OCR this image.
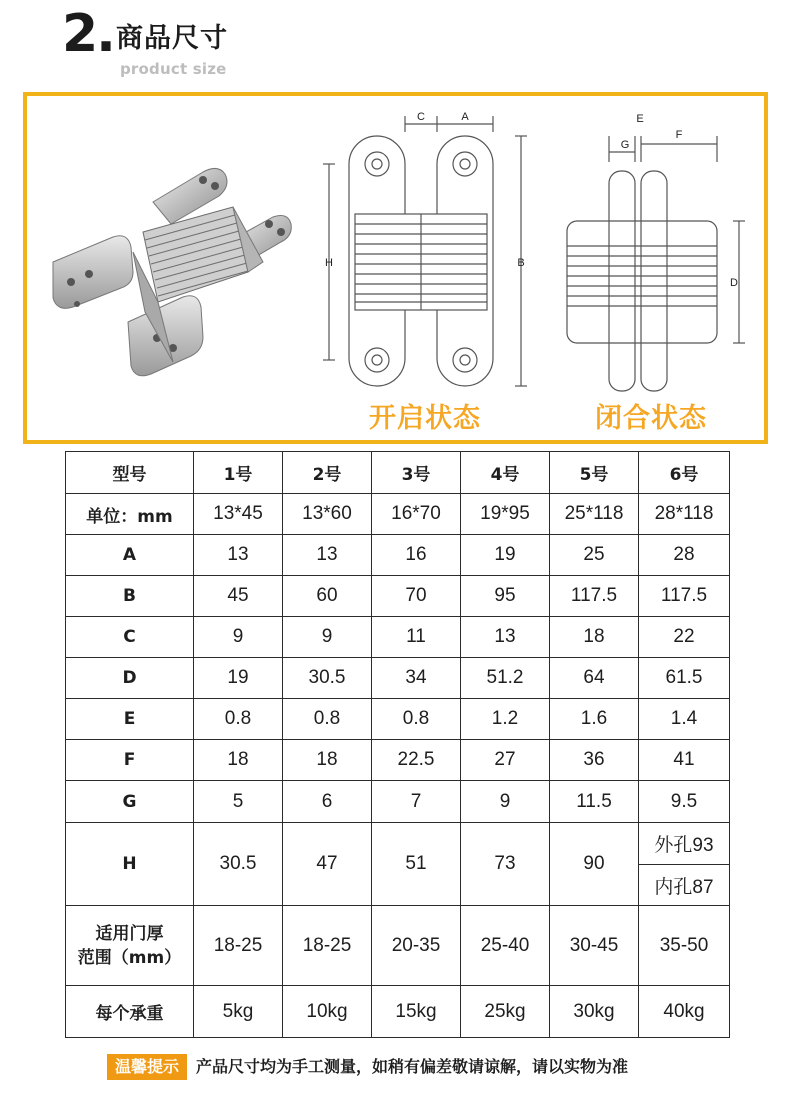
2. 商品尺寸
product size
C	A
H	B
E
G
F
D
开启状态	闭合状态
型号	1号	2号	3号	4号	5号	6号
单位：mm	13*45	13*60	16*70	19*95	25*118	28*118
A	13	13	16	19	25	28
B	45	60	70	95	117.5	117.5
C	9	9	11	13	18	22
D	19	30.5	34	51.2	64	61.5
E	0.8	0.8	0.8	1.2	1.6	1.4
F	18	18	22.5	27	36	41
G	5	6	7	9	11.5	9.5
H	30.5	47	51	73	90	外孔93
						内孔87

适用门厚
范围（mm）	18-25	18-25	20-35	25-40	30-45	35-50
每个承重	5kg	10kg	15kg	25kg	30kg	40kg
温馨提示	产品尺寸均为手工测量，如稍有偏差敬请谅解，请以实物为准
